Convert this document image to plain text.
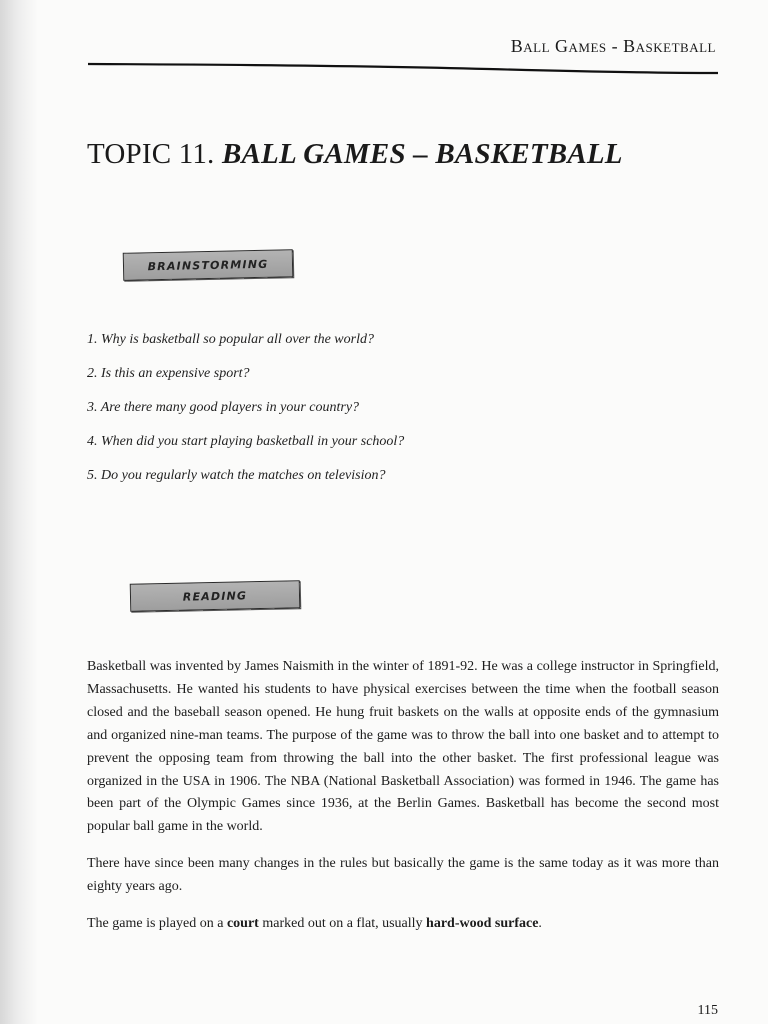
Ball Games - Basketball
TOPIC 11. BALL GAMES – BASKETBALL
BRAINSTORMING
1. Why is basketball so popular all over the world?
2. Is this an expensive sport?
3. Are there many good players in your country?
4. When did you start playing basketball in your school?
5. Do you regularly watch the matches on television?
READING

Basketball was invented by James Naismith in the winter of 1891-92. He was a college instructor in Springfield, Massachusetts. He wanted his students to have physical exercises between the time when the football season closed and the baseball season opened. He hung fruit baskets on the walls at opposite ends of the gymnasium and organized nine-man teams. The purpose of the game was to throw the ball into one basket and to attempt to prevent the opposing team from throwing the ball into the other basket. The first professional league was organized in the USA in 1906. The NBA (National Basketball Association) was formed in 1946. The game has been part of the Olympic Games since 1936, at the Berlin Games. Basketball has become the second most popular ball game in the world.

There have since been many changes in the rules but basically the game is the same today as it was more than eighty years ago.

The game is played on a court marked out on a flat, usually hard-wood surface.

115
